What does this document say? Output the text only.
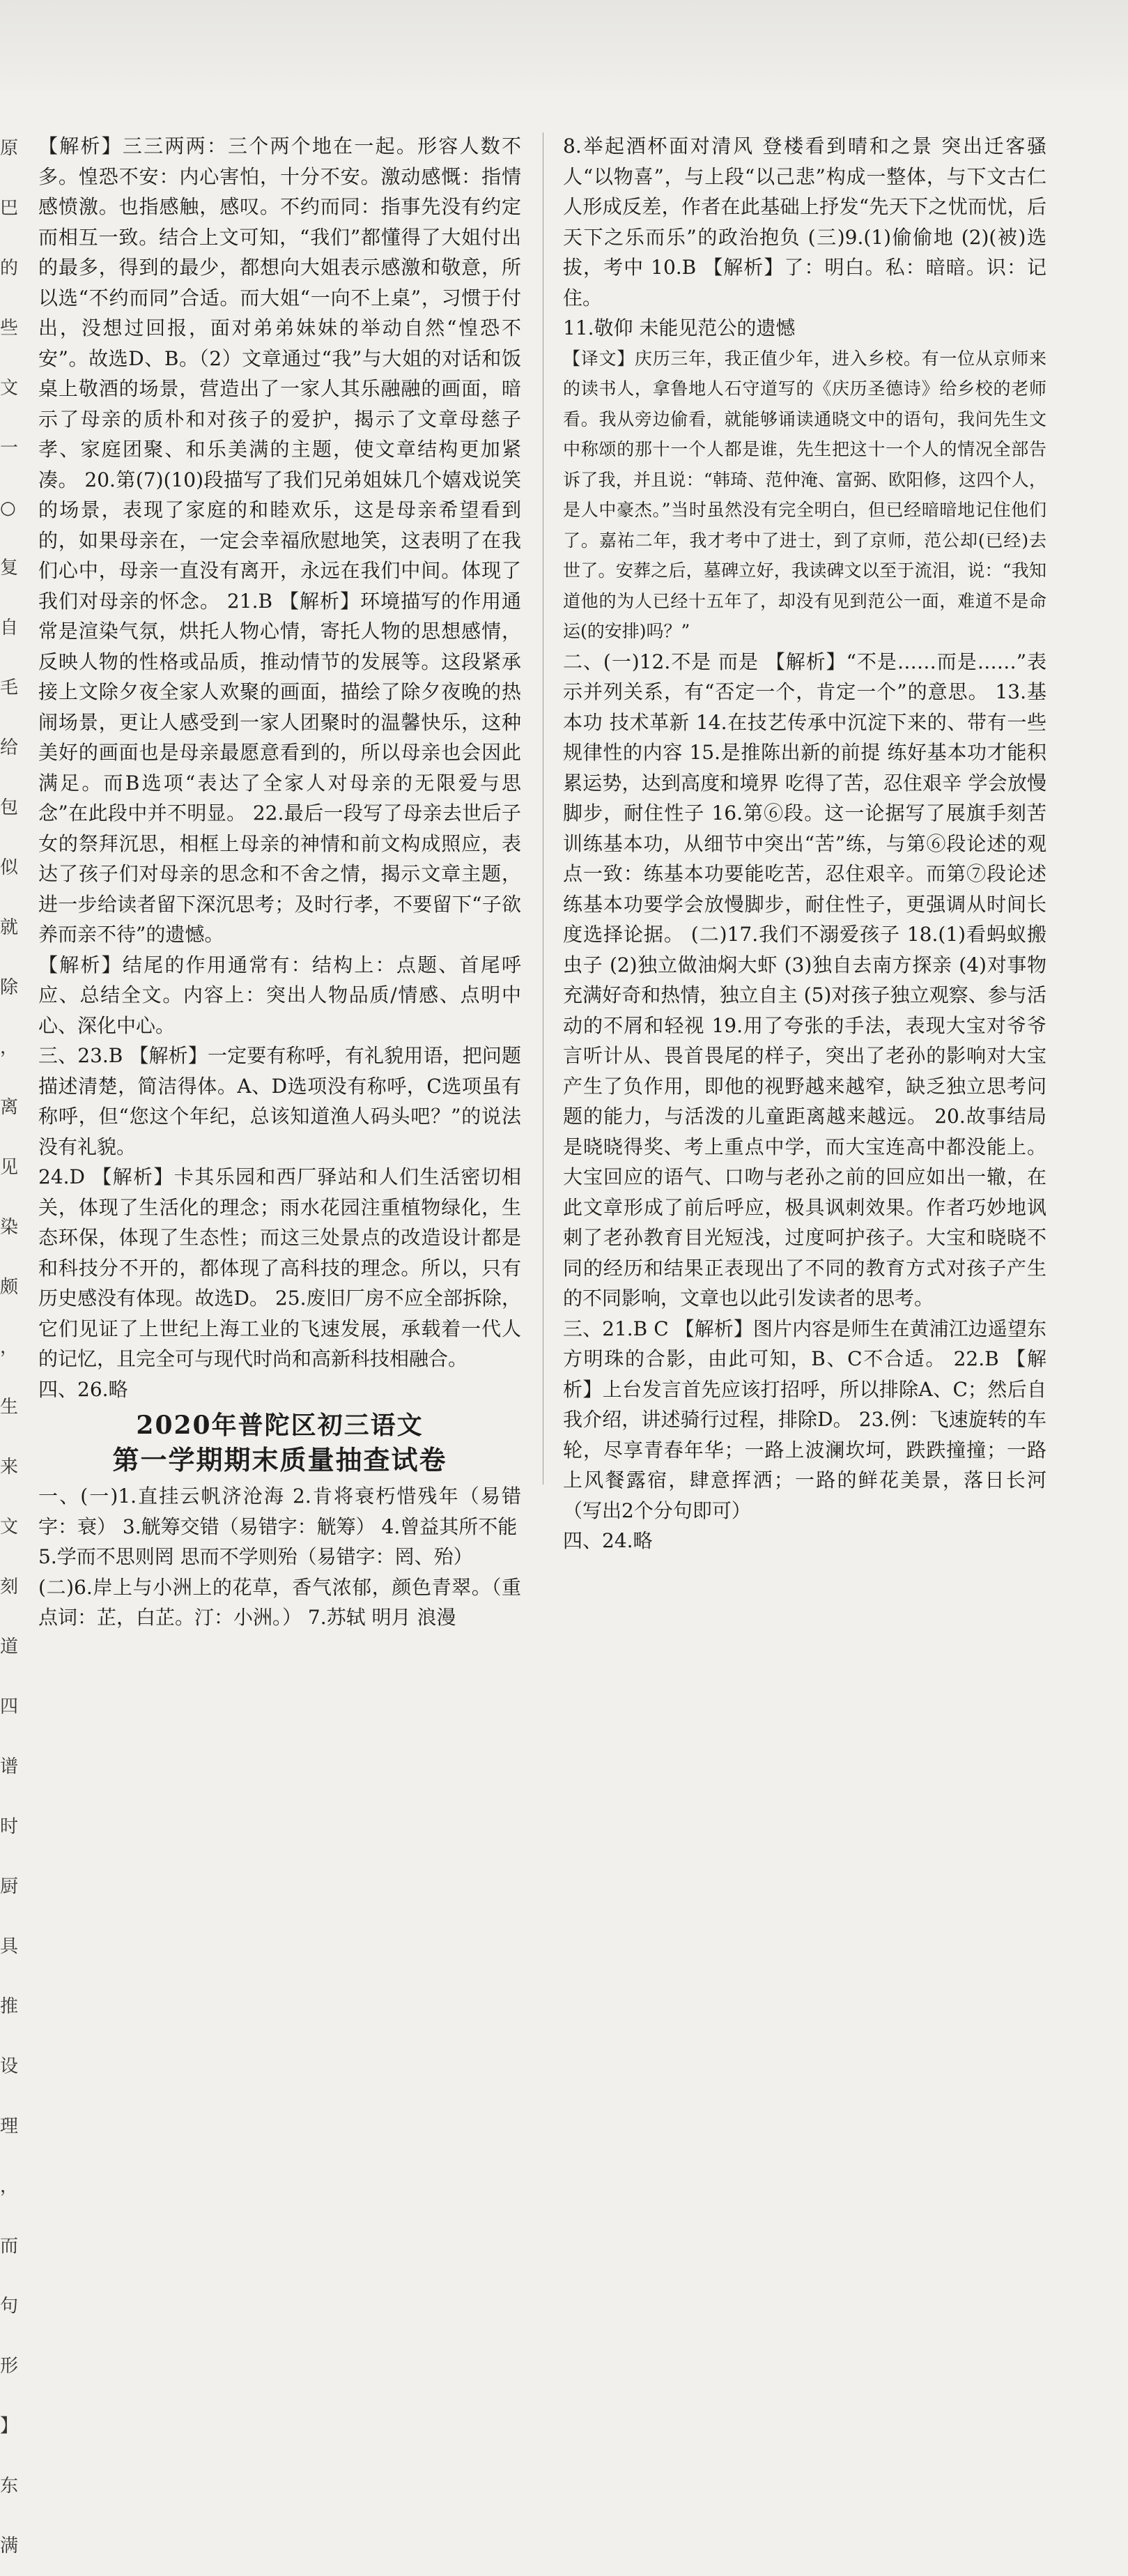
原
巴
的
些
文
一
○
复
自
毛
给
包
似
就
除
，
离
见
染
颇
，
生
来
文
刻
道
四
谱
时
厨
具
推
设
理
，
而
句
形
】
东
满

【解析】三三两两：三个两个地在一起。形容人数不多。惶恐不安：内心害怕，十分不安。激动感慨：指情感愤激。也指感触，感叹。不约而同：指事先没有约定而相互一致。结合上文可知，“我们”都懂得了大姐付出的最多，得到的最少，都想向大姐表示感激和敬意，所以选“不约而同”合适。而大姐“一向不上桌”，习惯于付出，没想过回报，面对弟弟妹妹的举动自然“惶恐不安”。故选D、B。（2）文章通过“我”与大姐的对话和饭桌上敬酒的场景，营造出了一家人其乐融融的画面，暗示了母亲的质朴和对孩子的爱护，揭示了文章母慈子孝、家庭团聚、和乐美满的主题，使文章结构更加紧凑。 20.第(7)(10)段描写了我们兄弟姐妹几个嬉戏说笑的场景，表现了家庭的和睦欢乐，这是母亲希望看到的，如果母亲在，一定会幸福欣慰地笑，这表明了在我们心中，母亲一直没有离开，永远在我们中间。体现了我们对母亲的怀念。 21.B 【解析】环境描写的作用通常是渲染气氛，烘托人物心情，寄托人物的思想感情，反映人物的性格或品质，推动情节的发展等。这段紧承接上文除夕夜全家人欢聚的画面，描绘了除夕夜晚的热闹场景，更让人感受到一家人团聚时的温馨快乐，这种美好的画面也是母亲最愿意看到的，所以母亲也会因此满足。而B选项“表达了全家人对母亲的无限爱与思念”在此段中并不明显。 22.最后一段写了母亲去世后子女的祭拜沉思，相框上母亲的神情和前文构成照应，表达了孩子们对母亲的思念和不舍之情，揭示文章主题，进一步给读者留下深沉思考；及时行孝，不要留下“子欲养而亲不待”的遗憾。

【解析】结尾的作用通常有：结构上：点题、首尾呼应、总结全文。内容上：突出人物品质/情感、点明中心、深化中心。

三、23.B 【解析】一定要有称呼，有礼貌用语，把问题描述清楚，简洁得体。A、D选项没有称呼，C选项虽有称呼，但“您这个年纪，总该知道渔人码头吧？”的说法没有礼貌。

24.D 【解析】卡其乐园和西厂驿站和人们生活密切相关，体现了生活化的理念；雨水花园注重植物绿化，生态环保，体现了生态性；而这三处景点的改造设计都是和科技分不开的，都体现了高科技的理念。所以，只有历史感没有体现。故选D。 25.废旧厂房不应全部拆除，它们见证了上世纪上海工业的飞速发展，承载着一代人的记忆，且完全可与现代时尚和高新科技相融合。

四、26.略

2020年普陀区初三语文
第一学期期末质量抽查试卷

一、(一)1.直挂云帆济沧海 2.肯将衰朽惜残年（易错字：衰） 3.觥筹交错（易错字：觥筹） 4.曾益其所不能

5.学而不思则罔 思而不学则殆（易错字：罔、殆）

(二)6.岸上与小洲上的花草，香气浓郁，颜色青翠。（重点词：芷，白芷。汀：小洲。） 7.苏轼 明月 浪漫

8.举起酒杯面对清风 登楼看到晴和之景 突出迁客骚人“以物喜”，与上段“以己悲”构成一整体，与下文古仁人形成反差，作者在此基础上抒发“先天下之忧而忧，后天下之乐而乐”的政治抱负 (三)9.(1)偷偷地 (2)(被)选拔，考中 10.B 【解析】了：明白。私：暗暗。识：记住。

11.敬仰 未能见范公的遗憾

【译文】庆历三年，我正值少年，进入乡校。有一位从京师来的读书人，拿鲁地人石守道写的《庆历圣德诗》给乡校的老师看。我从旁边偷看，就能够诵读通晓文中的语句，我问先生文中称颂的那十一个人都是谁，先生把这十一个人的情况全部告诉了我，并且说：“韩琦、范仲淹、富弼、欧阳修，这四个人，是人中豪杰。”当时虽然没有完全明白，但已经暗暗地记住他们了。嘉祐二年，我才考中了进士，到了京师，范公却(已经)去世了。安葬之后，墓碑立好，我读碑文以至于流泪，说：“我知道他的为人已经十五年了，却没有见到范公一面，难道不是命运(的安排)吗？”

二、(一)12.不是 而是 【解析】“不是……而是……”表示并列关系，有“否定一个，肯定一个”的意思。 13.基本功 技术革新 14.在技艺传承中沉淀下来的、带有一些规律性的内容 15.是推陈出新的前提 练好基本功才能积累运势，达到高度和境界 吃得了苦，忍住艰辛 学会放慢脚步，耐住性子 16.第⑥段。这一论据写了展旗手刻苦训练基本功，从细节中突出“苦”练，与第⑥段论述的观点一致：练基本功要能吃苦，忍住艰辛。而第⑦段论述练基本功要学会放慢脚步，耐住性子，更强调从时间长度选择论据。 (二)17.我们不溺爱孩子 18.(1)看蚂蚁搬虫子 (2)独立做油焖大虾 (3)独自去南方探亲 (4)对事物充满好奇和热情，独立自主 (5)对孩子独立观察、参与活动的不屑和轻视 19.用了夸张的手法，表现大宝对爷爷言听计从、畏首畏尾的样子，突出了老孙的影响对大宝产生了负作用，即他的视野越来越窄，缺乏独立思考问题的能力，与活泼的儿童距离越来越远。 20.故事结局是晓晓得奖、考上重点中学，而大宝连高中都没能上。大宝回应的语气、口吻与老孙之前的回应如出一辙，在此文章形成了前后呼应，极具讽刺效果。作者巧妙地讽刺了老孙教育目光短浅，过度呵护孩子。大宝和晓晓不同的经历和结果正表现出了不同的教育方式对孩子产生的不同影响，文章也以此引发读者的思考。

三、21.B C 【解析】图片内容是师生在黄浦江边遥望东方明珠的合影，由此可知，B、C不合适。 22.B 【解析】上台发言首先应该打招呼，所以排除A、C；然后自我介绍，讲述骑行过程，排除D。 23.例：飞速旋转的车轮，尽享青春年华；一路上波澜坎坷，跌跌撞撞；一路上风餐露宿，肆意挥洒；一路的鲜花美景，落日长河（写出2个分句即可）

四、24.略
